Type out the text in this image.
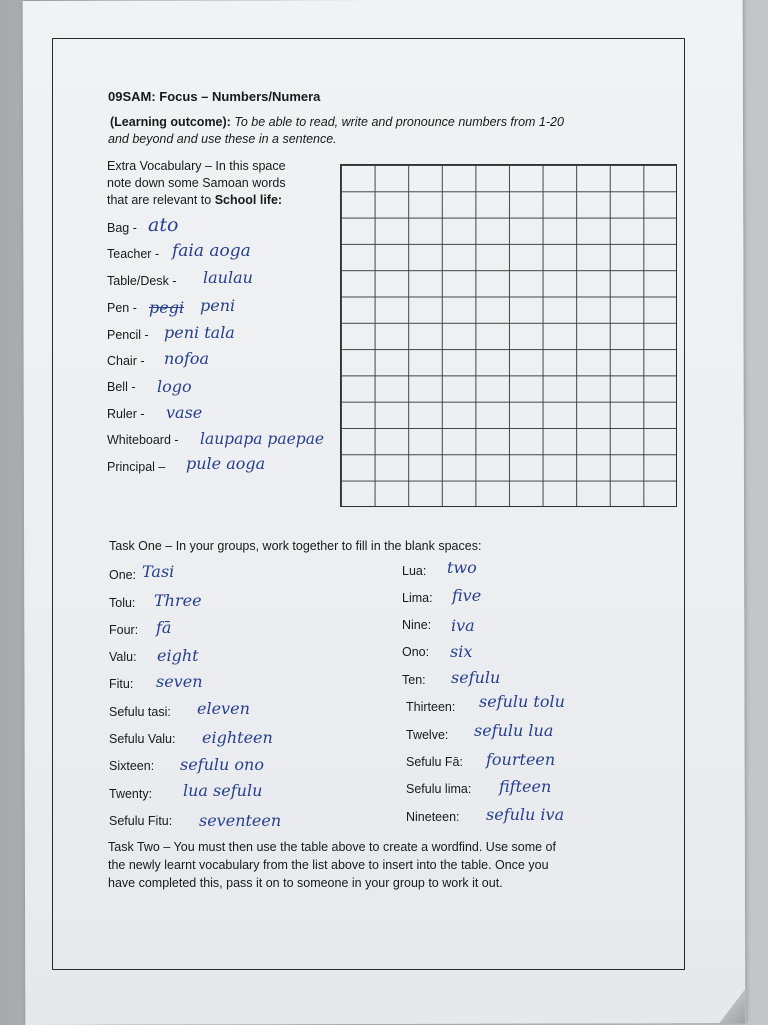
09SAM: Focus – Numbers/Numera
(Learning outcome): To be able to read, write and pronounce numbers from 1-20
and beyond and use these in a sentence.
Extra Vocabulary – In this space
note down some Samoan words
that are relevant to School life:
Bag - ato
Teacher - faia aoga
Table/Desk - laulau
Pen - pegi peni
Pencil - peni tala
Chair - nofoa
Bell - logo
Ruler - vase
Whiteboard - laupapa paepae
Principal – pule aoga
Task One – In your groups, work together to fill in the blank spaces:
One: Tasi
Tolu: Three
Four: fā
Valu: eight
Fitu: seven
Sefulu tasi: eleven
Sefulu Valu: eighteen
Sixteen: sefulu ono
Twenty: lua sefulu
Sefulu Fitu: seventeen
Lua: two
Lima: five
Nine: iva
Ono: six
Ten: sefulu
Thirteen: sefulu tolu
Twelve: sefulu lua
Sefulu Fā: fourteen
Sefulu lima: fifteen
Nineteen: sefulu iva
Task Two – You must then use the table above to create a wordfind. Use some of
the newly learnt vocabulary from the list above to insert into the table. Once you
have completed this, pass it on to someone in your group to work it out.
